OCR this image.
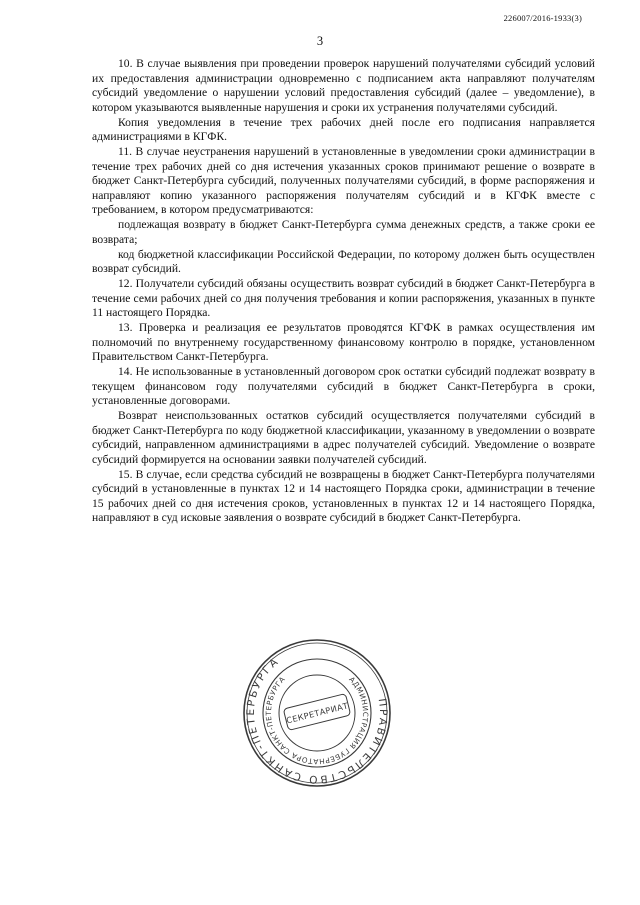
226007/2016-1933(3)
3

10. В случае выявления при проведении проверок нарушений получателями субсидий условий их предоставления администрации одновременно с подписанием акта направляют получателям субсидий уведомление о нарушении условий предоставления субсидий (далее – уведомление), в котором указываются выявленные нарушения и сроки их устранения получателями субсидий.

Копия уведомления в течение трех рабочих дней после его подписания направляется администрациями в КГФК.

11. В случае неустранения нарушений в установленные в уведомлении сроки администрации в течение трех рабочих дней со дня истечения указанных сроков принимают решение о возврате в бюджет Санкт-Петербурга субсидий, полученных получателями субсидий, в форме распоряжения и направляют копию указанного распоряжения получателям субсидий и в КГФК вместе с требованием, в котором предусматриваются:

подлежащая возврату в бюджет Санкт-Петербурга сумма денежных средств, а также сроки ее возврата;

код бюджетной классификации Российской Федерации, по которому должен быть осуществлен возврат субсидий.

12. Получатели субсидий обязаны осуществить возврат субсидий в бюджет Санкт-Петербурга в течение семи рабочих дней со дня получения требования и копии распоряжения, указанных в пункте 11 настоящего Порядка.

13. Проверка и реализация ее результатов проводятся КГФК в рамках осуществления им полномочий по внутреннему государственному финансовому контролю в порядке, установленном Правительством Санкт-Петербурга.

14. Не использованные в установленный договором срок остатки субсидий подлежат возврату в текущем финансовом году получателями субсидий в бюджет Санкт-Петербурга в сроки, установленные договорами.

Возврат неиспользованных остатков субсидий осуществляется получателями субсидий в бюджет Санкт-Петербурга по коду бюджетной классификации, указанному в уведомлении о возврате субсидий, направленном администрациями в адрес получателей субсидий. Уведомление о возврате субсидий формируется на основании заявки получателей субсидий.

15. В случае, если средства субсидий не возвращены в бюджет Санкт-Петербурга получателями субсидий в установленные в пунктах 12 и 14 настоящего Порядка сроки, администрации в течение 15 рабочих дней со дня истечения сроков, установленных в пунктах 12 и 14 настоящего Порядка, направляют в суд исковые заявления о возврате субсидий в бюджет Санкт-Петербурга.

ПРАВИТЕЛЬСТВО САНКТ-ПЕТЕРБУРГА
АДМИНИСТРАЦИЯ ГУБЕРНАТОРА САНКТ-ПЕТЕРБУРГА
СЕКРЕТАРИАТ
